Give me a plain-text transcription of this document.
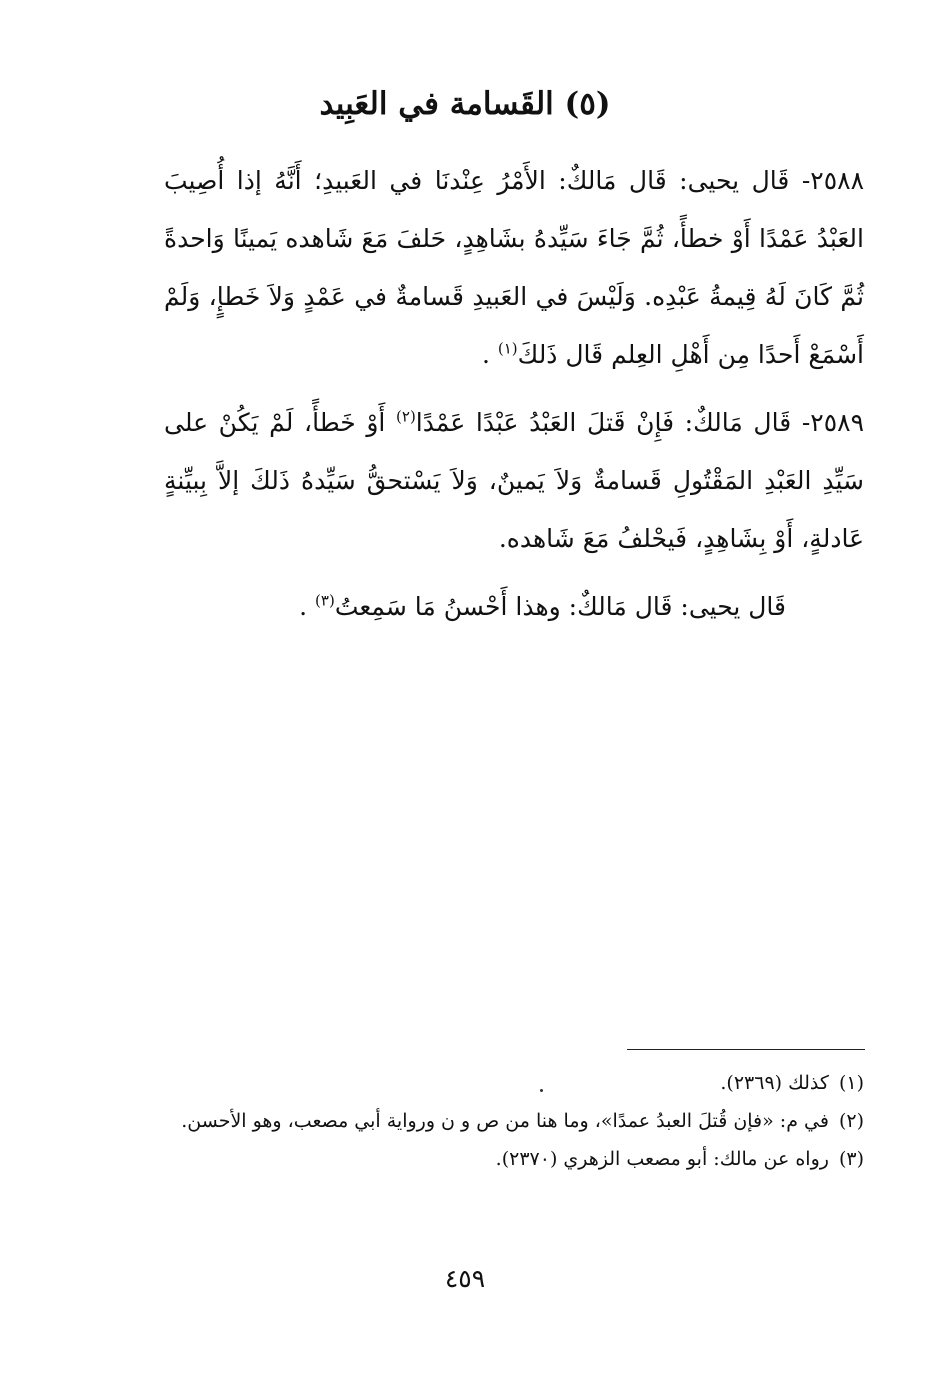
(٥) القَسامة في العَبِيد

٢٥٨٨- قَال يحيى: قَال مَالكٌ: الأَمْرُ عِنْدنَا في العَبيدِ؛ أَنَّهُ إذا أُصِيبَ العَبْدُ عَمْدًا أَوْ خطأً، ثُمَّ جَاءَ سَيِّدهُ بشَاهِدٍ، حَلفَ مَعَ شَاهده يَمينًا وَاحدةً ثُمَّ كَانَ لَهُ قِيمةُ عَبْدِه. وَلَيْسَ في العَبيدِ قَسامةٌ في عَمْدٍ وَلاَ خَطإٍ، وَلَمْ أَسْمَعْ أَحدًا مِن أَهْلِ العِلم قَال ذَلكَ$^{(١)}$ .

٢٥٨٩- قَال مَالكٌ: فَإِنْ قَتلَ العَبْدُ عَبْدًا عَمْدًا$^{(٢)}$ أَوْ خَطأً، لَمْ يَكُنْ على سَيِّدِ العَبْدِ المَقْتُولِ قَسامةٌ وَلاَ يَمينٌ، وَلاَ يَسْتحقُّ سَيِّدهُ ذَلكَ إلاَّ بِبيِّنةٍ عَادلةٍ، أَوْ بِشَاهِدٍ، فَيحْلفُ مَعَ شَاهده.

قَال يحيى: قَال مَالكٌ: وهذا أَحْسنُ مَا سَمِعتُ$^{(٣)}$ .

(١)
كذلك (٢٣٦٩).
(٢)
في م: «فإن قُتلَ العبدُ عمدًا»، وما هنا من ص و ن ورواية أبي مصعب، وهو الأحسن.
(٣)
رواه عن مالك: أبو مصعب الزهري (٢٣٧٠).
٤٥٩
